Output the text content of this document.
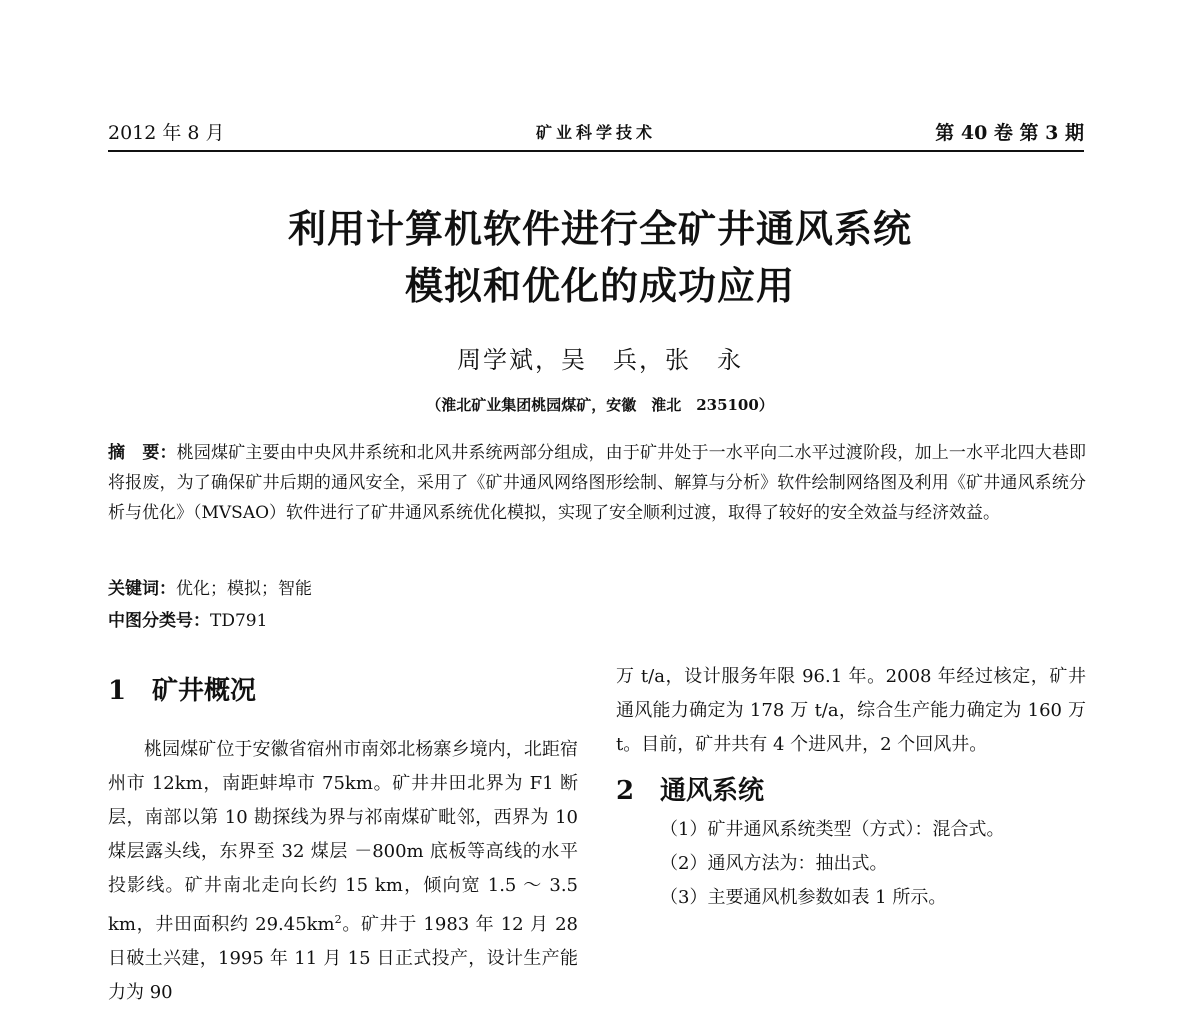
2012 年 8 月	矿业科学技术	第 40 卷 第 3 期
利用计算机软件进行全矿井通风系统
模拟和优化的成功应用
周学斌，吴　兵，张　永
（淮北矿业集团桃园煤矿，安徽　淮北　235100）
摘　要：桃园煤矿主要由中央风井系统和北风井系统两部分组成，由于矿井处于一水平向二水平过渡阶段，加上一水平北四大巷即将报废，为了确保矿井后期的通风安全，采用了《矿井通风网络图形绘制、解算与分析》软件绘制网络图及利用《矿井通风系统分析与优化》（MVSAO）软件进行了矿井通风系统优化模拟，实现了安全顺利过渡，取得了较好的安全效益与经济效益。
关键词：优化；模拟；智能
中图分类号：TD791
1 矿井概况

桃园煤矿位于安徽省宿州市南郊北杨寨乡境内，北距宿州市 12km，南距蚌埠市 75km。矿井井田北界为 F1 断层，南部以第 10 勘探线为界与祁南煤矿毗邻，西界为 10 煤层露头线，东界至 32 煤层 －800m 底板等高线的水平投影线。矿井南北走向长约 15 km，倾向宽 1.5 ～ 3.5 km，井田面积约 $29.45km^2$。矿井于 1983 年 12 月 28 日破土兴建，1995 年 11 月 15 日正式投产，设计生产能力为 90

万 t/a，设计服务年限 96.1 年。2008 年经过核定，矿井通风能力确定为 178 万 t/a，综合生产能力确定为 160 万 t。目前，矿井共有 4 个进风井，2 个回风井。

2 通风系统

（1）矿井通风系统类型（方式）：混合式。

（2）通风方法为：抽出式。

（3）主要通风机参数如表 1 所示。
